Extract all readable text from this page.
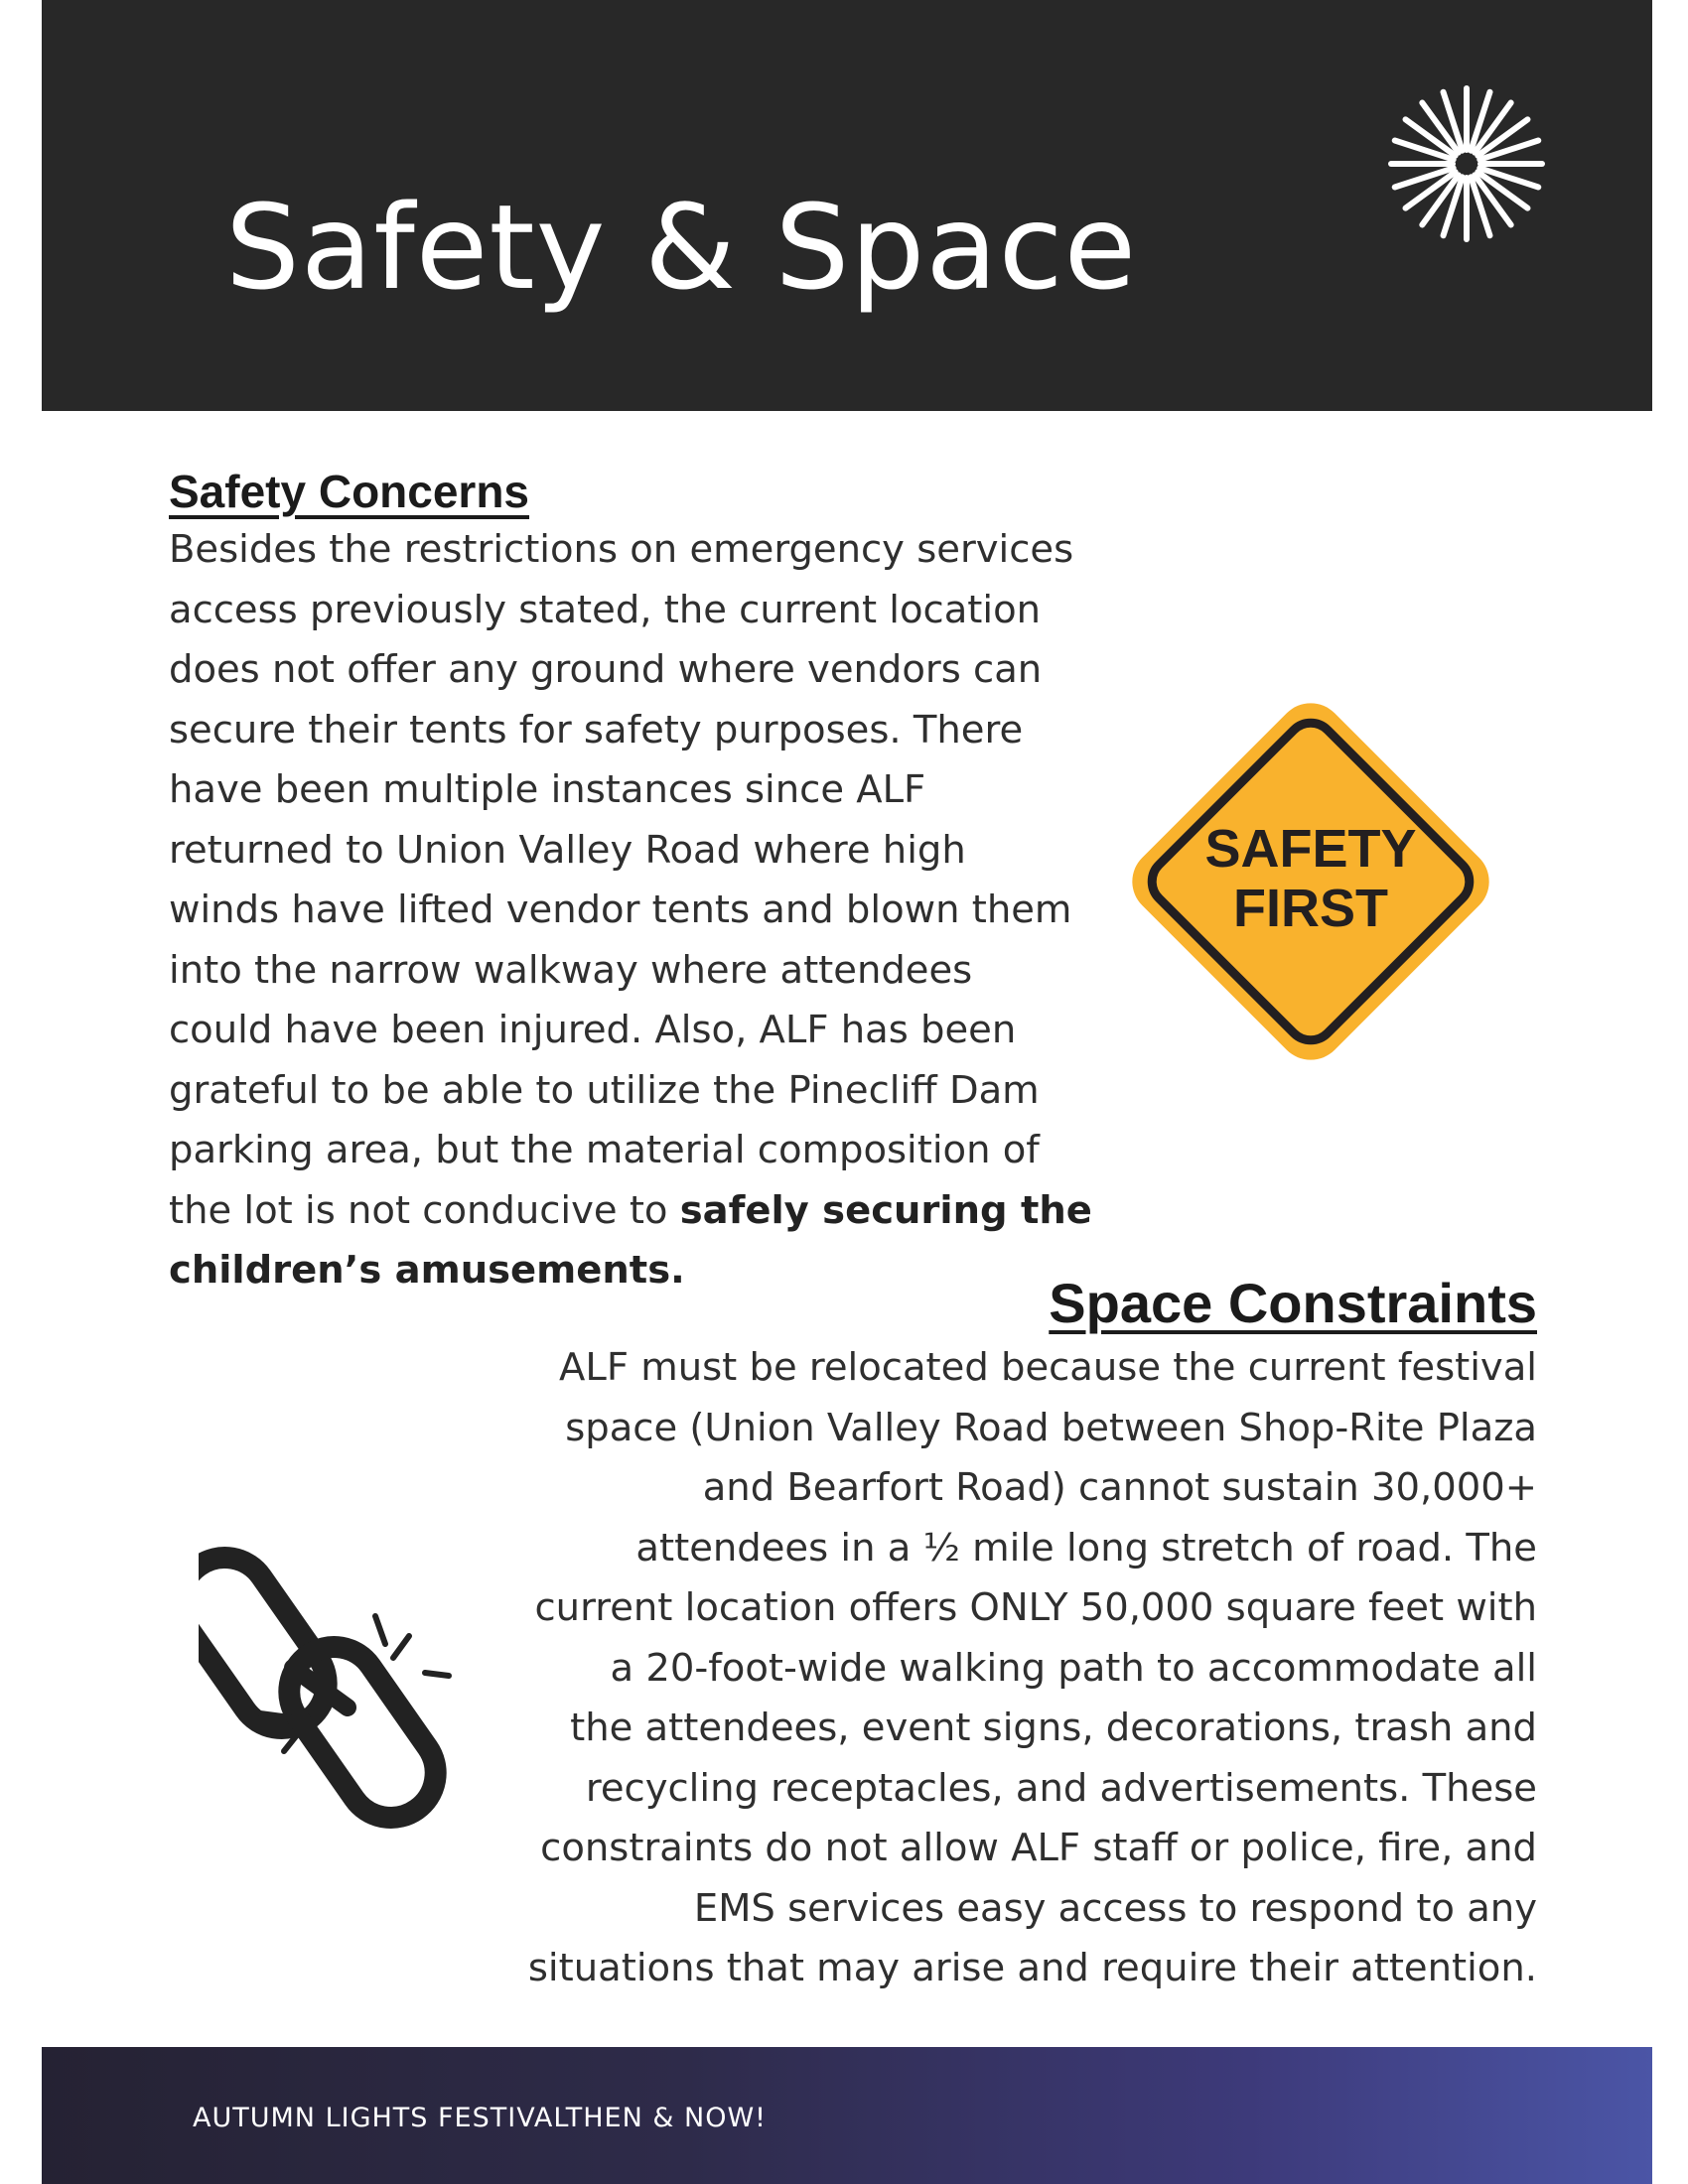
Safety & Space
Safety Concerns
Besides the restrictions on emergency services
access previously stated, the current location
does not offer any ground where vendors can
secure their tents for safety purposes. There
have been multiple instances since ALF
returned to Union Valley Road where high
winds have lifted vendor tents and blown them
into the narrow walkway where attendees
could have been injured. Also, ALF has been
grateful to be able to utilize the Pinecliff Dam
parking area, but the material composition of
the lot is not conducive to safely securing the
children’s amusements.
SAFETY
FIRST
Space Constraints
ALF must be relocated because the current festival
space (Union Valley Road between Shop-Rite Plaza
and Bearfort Road) cannot sustain 30,000+
attendees in a ½ mile long stretch of road. The
current location offers ONLY 50,000 square feet with
a 20-foot-wide walking path to accommodate all
the attendees, event signs, decorations, trash and
recycling receptacles, and advertisements. These
constraints do not allow ALF staff or police, fire, and
EMS services easy access to respond to any
situations that may arise and require their attention.
AUTUMN LIGHTS FESTIVALTHEN & NOW!
